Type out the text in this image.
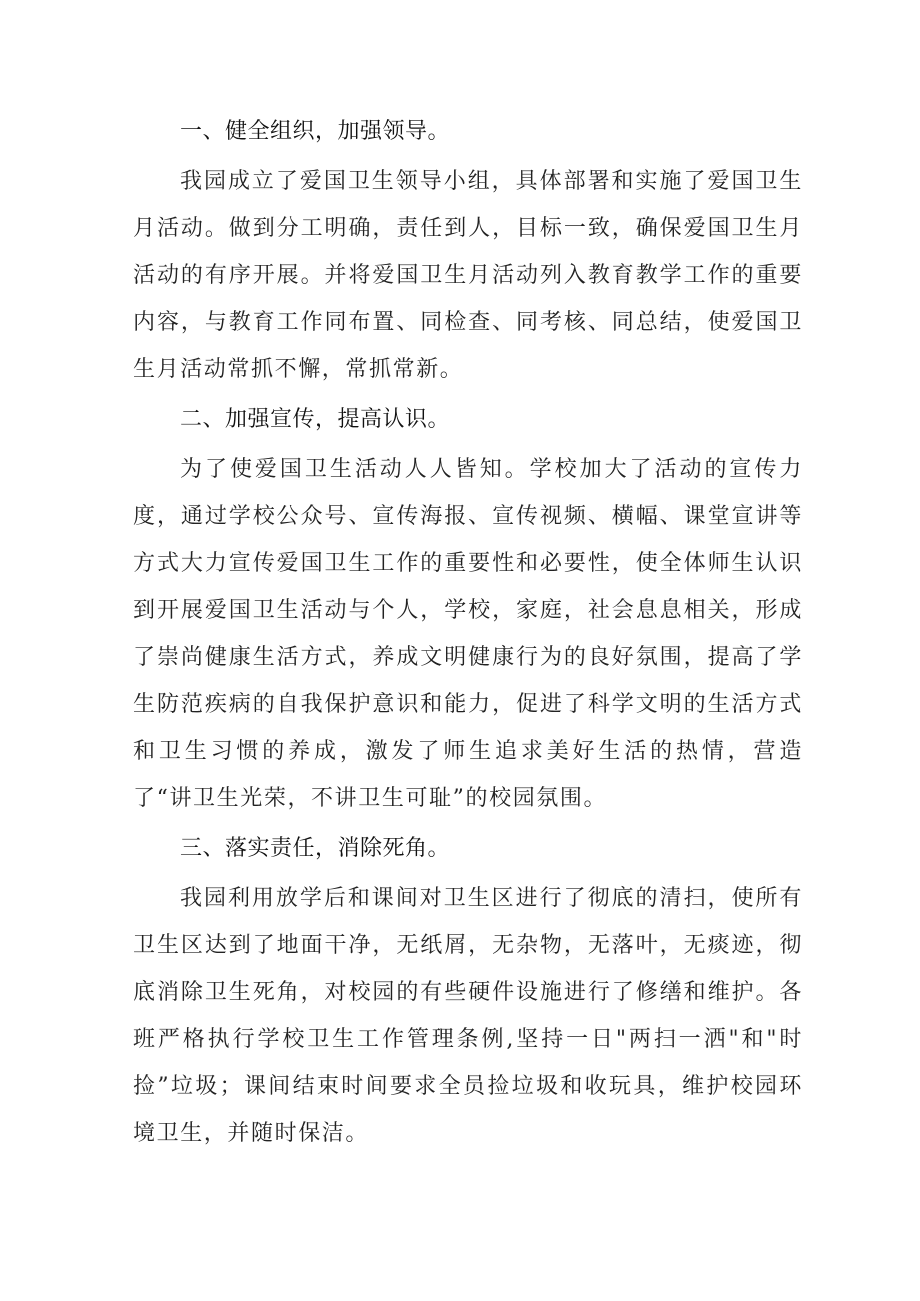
一、健全组织，加强领导。

我园成立了爱国卫生领导小组，具体部署和实施了爱国卫生月活动。做到分工明确，责任到人，目标一致，确保爱国卫生月活动的有序开展。并将爱国卫生月活动列入教育教学工作的重要内容，与教育工作同布置、同检查、同考核、同总结，使爱国卫生月活动常抓不懈，常抓常新。

二、加强宣传，提高认识。

为了使爱国卫生活动人人皆知。学校加大了活动的宣传力度，通过学校公众号、宣传海报、宣传视频、横幅、课堂宣讲等方式大力宣传爱国卫生工作的重要性和必要性，使全体师生认识到开展爱国卫生活动与个人，学校，家庭，社会息息相关，形成了崇尚健康生活方式，养成文明健康行为的良好氛围，提高了学生防范疾病的自我保护意识和能力，促进了科学文明的生活方式和卫生习惯的养成，激发了师生追求美好生活的热情，营造了“讲卫生光荣，不讲卫生可耻”的校园氛围。

三、落实责任，消除死角。

我园利用放学后和课间对卫生区进行了彻底的清扫，使所有卫生区达到了地面干净，无纸屑，无杂物，无落叶，无痰迹，彻底消除卫生死角，对校园的有些硬件设施进行了修缮和维护。各班严格执行学校卫生工作管理条例,坚持一日"两扫一洒"和"时捡”垃圾；课间结束时间要求全员捡垃圾和收玩具，维护校园环境卫生，并随时保洁。
